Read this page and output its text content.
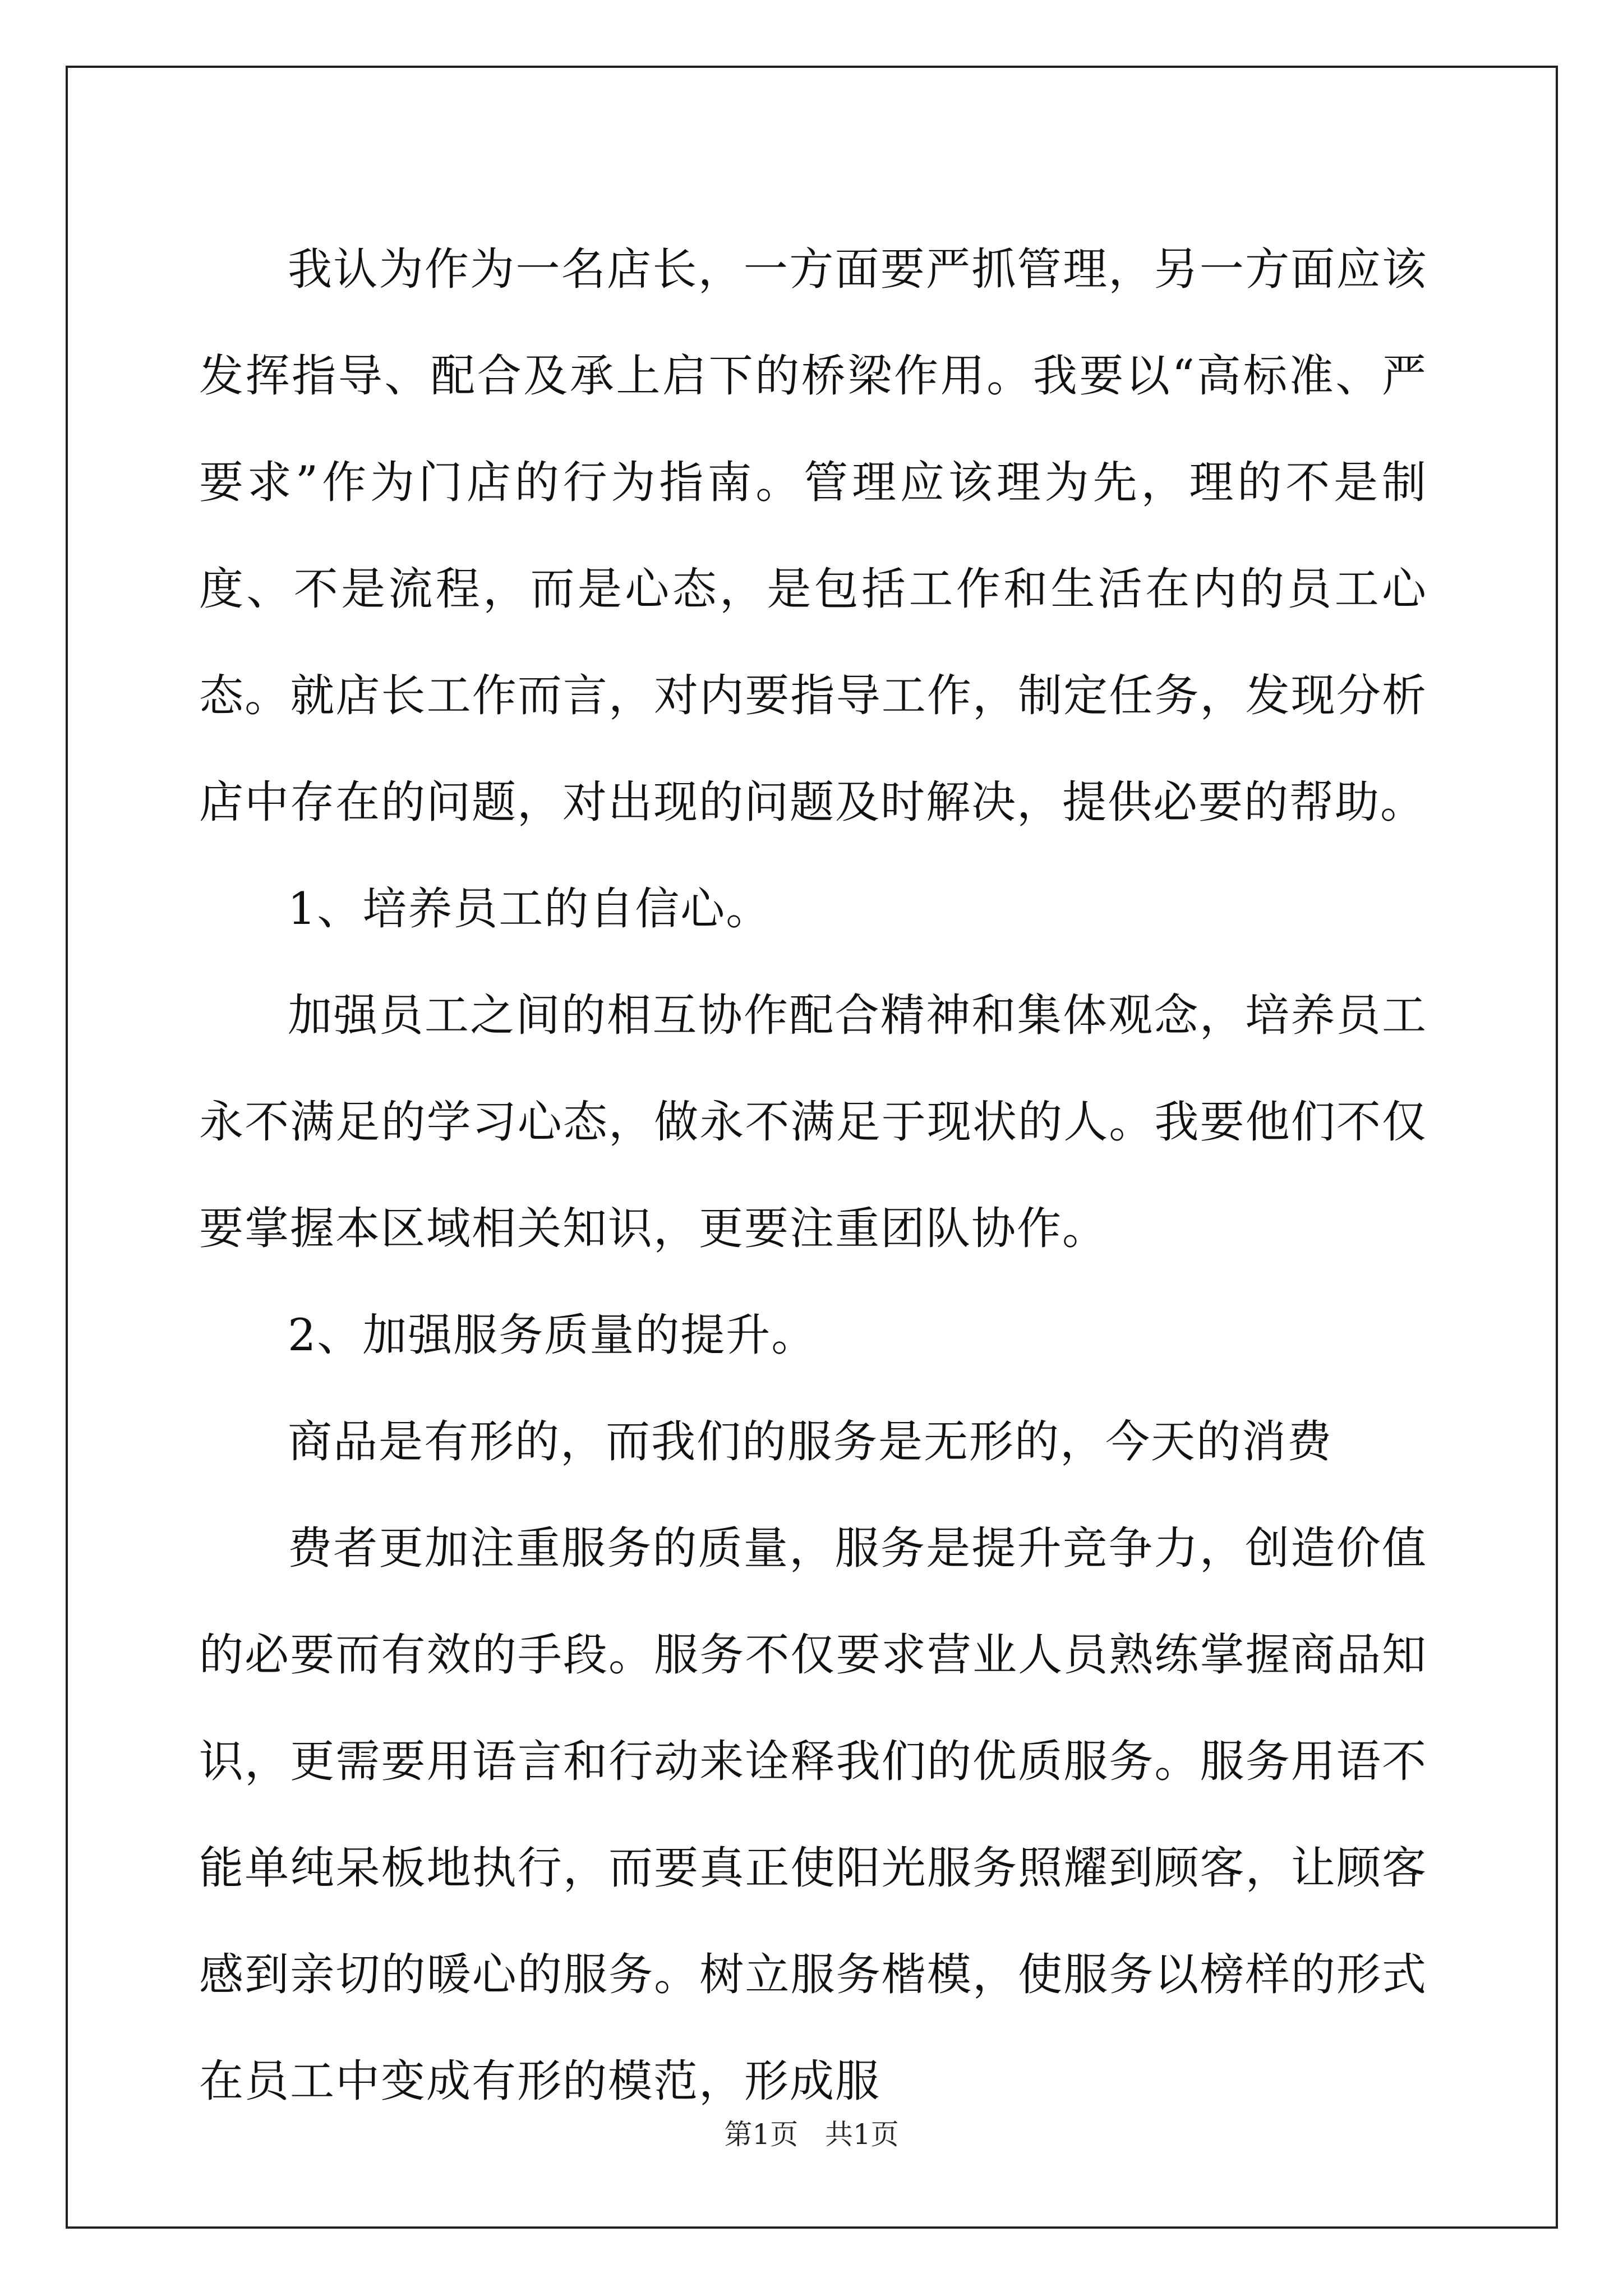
我认为作为一名店长，一方面要严抓管理，另一方面应该发挥指导、配合及承上启下的桥梁作用。我要以“高标准、严要求”作为门店的行为指南。管理应该理为先，理的不是制度、不是流程，而是心态，是包括工作和生活在内的员工心态。就店长工作而言，对内要指导工作，制定任务，发现分析店中存在的问题，对出现的问题及时解决，提供必要的帮助。

1、培养员工的自信心。

加强员工之间的相互协作配合精神和集体观念，培养员工永不满足的学习心态，做永不满足于现状的人。我要他们不仅要掌握本区域相关知识，更要注重团队协作。

2、加强服务质量的提升。

商品是有形的，而我们的服务是无形的，今天的消费

费者更加注重服务的质量，服务是提升竞争力，创造价值的必要而有效的手段。服务不仅要求营业人员熟练掌握商品知识，更需要用语言和行动来诠释我们的优质服务。服务用语不能单纯呆板地执行，而要真正使阳光服务照耀到顾客，让顾客感到亲切的暖心的服务。树立服务楷模，使服务以榜样的形式在员工中变成有形的模范，形成服

第1页 共1页
